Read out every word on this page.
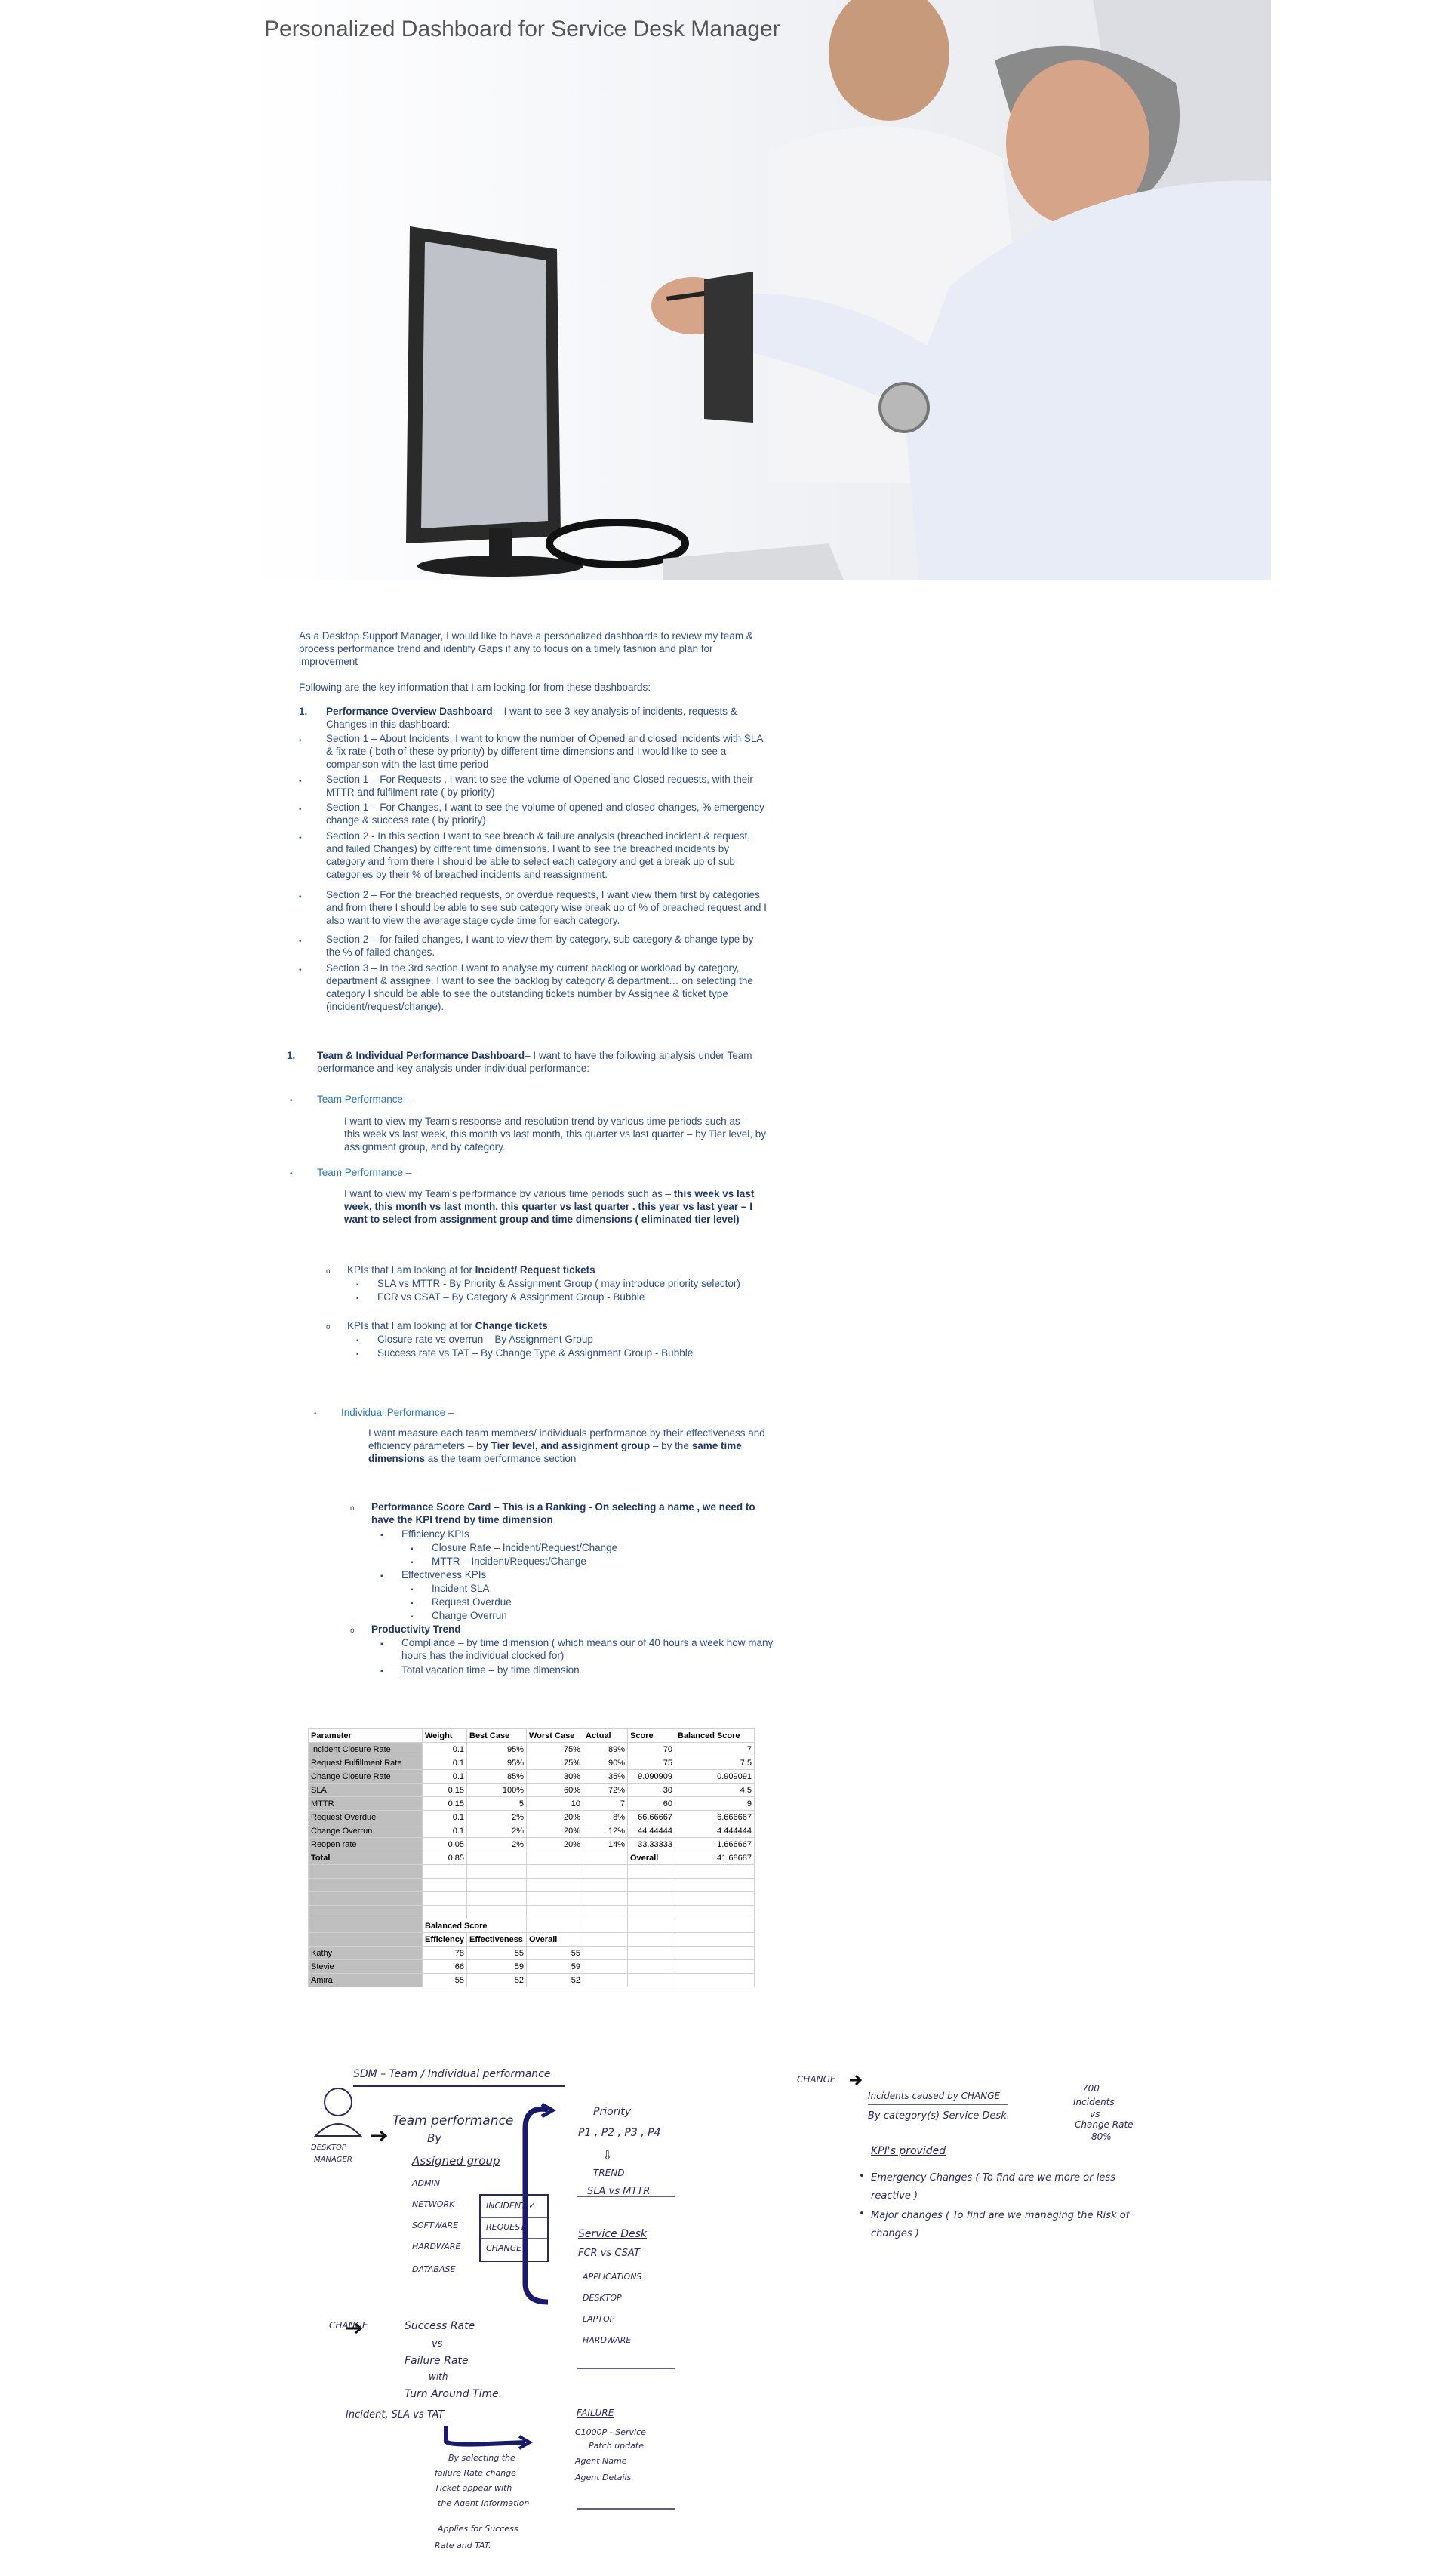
Personalized Dashboard for Service Desk Manager
As a Desktop Support Manager, I would like to have a personalized dashboards to review my team & process performance trend and identify Gaps if any to focus on a timely fashion and plan for improvement
Following are the key information that I am looking for from these dashboards:
1. Performance Overview Dashboard – I want to see 3 key analysis of incidents, requests & Changes in this dashboard:
• Section 1 – About Incidents, I want to know the number of Opened and closed incidents with SLA & fix rate ( both of these by priority) by different time dimensions and I would like to see a comparison with the last time period
• Section 1 – For Requests , I want to see the volume of Opened and Closed requests, with their MTTR and fulfilment rate ( by priority)
• Section 1 – For Changes, I want to see the volume of opened and closed changes, % emergency change & success rate ( by priority)
• Section 2 - In this section I want to see breach & failure analysis (breached incident & request, and failed Changes) by different time dimensions. I want to see the breached incidents by category and from there I should be able to select each category and get a break up of sub categories by their % of breached incidents and reassignment.
• Section 2 – For the breached requests, or overdue requests, I want view them first by categories and from there I should be able to see sub category wise break up of % of breached request and I also want to view the average stage cycle time for each category.
• Section 2 – for failed changes, I want to view them by category, sub category & change type by the % of failed changes.
• Section 3 – In the 3rd section I want to analyse my current backlog or workload by category, department & assignee. I want to see the backlog by category & department… on selecting the category I should be able to see the outstanding tickets number by Assignee & ticket type (incident/request/change).
1. Team & Individual Performance Dashboard– I want to have the following analysis under Team performance and key analysis under individual performance:
• Team Performance –
I want to view my Team's response and resolution trend by various time periods such as – this week vs last week, this month vs last month, this quarter vs last quarter – by Tier level, by assignment group, and by category.
• Team Performance –
I want to view my Team's performance by various time periods such as – this week vs last week, this month vs last month, this quarter vs last quarter . this year vs last year – I want to select from assignment group and time dimensions ( eliminated tier level)
o KPIs that I am looking at for Incident/ Request tickets
▪ SLA vs MTTR - By Priority & Assignment Group ( may introduce priority selector)
▪ FCR vs CSAT – By Category & Assignment Group - Bubble
o KPIs that I am looking at for Change tickets
▪ Closure rate vs overrun – By Assignment Group
▪ Success rate vs TAT – By Change Type & Assignment Group - Bubble
• Individual Performance –
I want measure each team members/ individuals performance by their effectiveness and efficiency parameters – by Tier level, and assignment group – by the same time dimensions as the team performance section
o Performance Score Card – This is a Ranking - On selecting a name , we need to have the KPI trend by time dimension
▪ Efficiency KPIs
▪ Closure Rate – Incident/Request/Change
▪ MTTR – Incident/Request/Change
▪ Effectiveness KPIs
▪ Incident SLA
▪ Request Overdue
▪ Change Overrun
o Productivity Trend
▪ Compliance – by time dimension ( which means our of 40 hours a week how many hours has the individual clocked for)
▪ Total vacation time – by time dimension
Parameter	Weight	Best Case	Worst Case	Actual	Score	Balanced Score
Incident Closure Rate	0.1	95%	75%	89%	70	7
Request Fulfillment Rate	0.1	95%	75%	90%	75	7.5
Change Closure Rate	0.1	85%	30%	35%	9.090909	0.909091
SLA	0.15	100%	60%	72%	30	4.5
MTTR	0.15	5	10	7	60	9
Request Overdue	0.1	2%	20%	8%	66.66667	6.666667
Change Overrun	0.1	2%	20%	12%	44.44444	4.444444
Reopen rate	0.05	2%	20%	14%	33.33333	1.666667
Total	0.85				Overall	41.68687

	Balanced Score					
	Efficiency	Effectiveness	Overall			
Kathy	78	55	55			
Stevie	66	59	59			
Amira	55	52	52			
SDM – Team / Individual performance
DESKTOP
MANAGER
Team performance
By
Assigned group
ADMIN
NETWORK
SOFTWARE
HARDWARE
DATABASE
INCIDENT ✓
REQUEST
CHANGE
Priority
P1 , P2 , P3 , P4
⇩
TREND
SLA vs MTTR
Service Desk
FCR vs CSAT
APPLICATIONS
DESKTOP
LAPTOP
HARDWARE
CHANGE	Success Rate
vs
Failure Rate
with
Turn Around Time.
Incident, SLA vs TAT	FAILURE
C1000P - Service
Patch update.
Agent Name
Agent Details.
By selecting the
failure Rate change
Ticket appear with
the Agent information
Applies for Success
Rate and TAT.
CHANGE
Incidents caused by CHANGE
By category(s) Service Desk.
700
Incidents
vs
Change Rate
80%
KPI's provided
• Emergency Changes ( To find are we more or less reactive )
• Major changes ( To find are we managing the Risk of changes )
